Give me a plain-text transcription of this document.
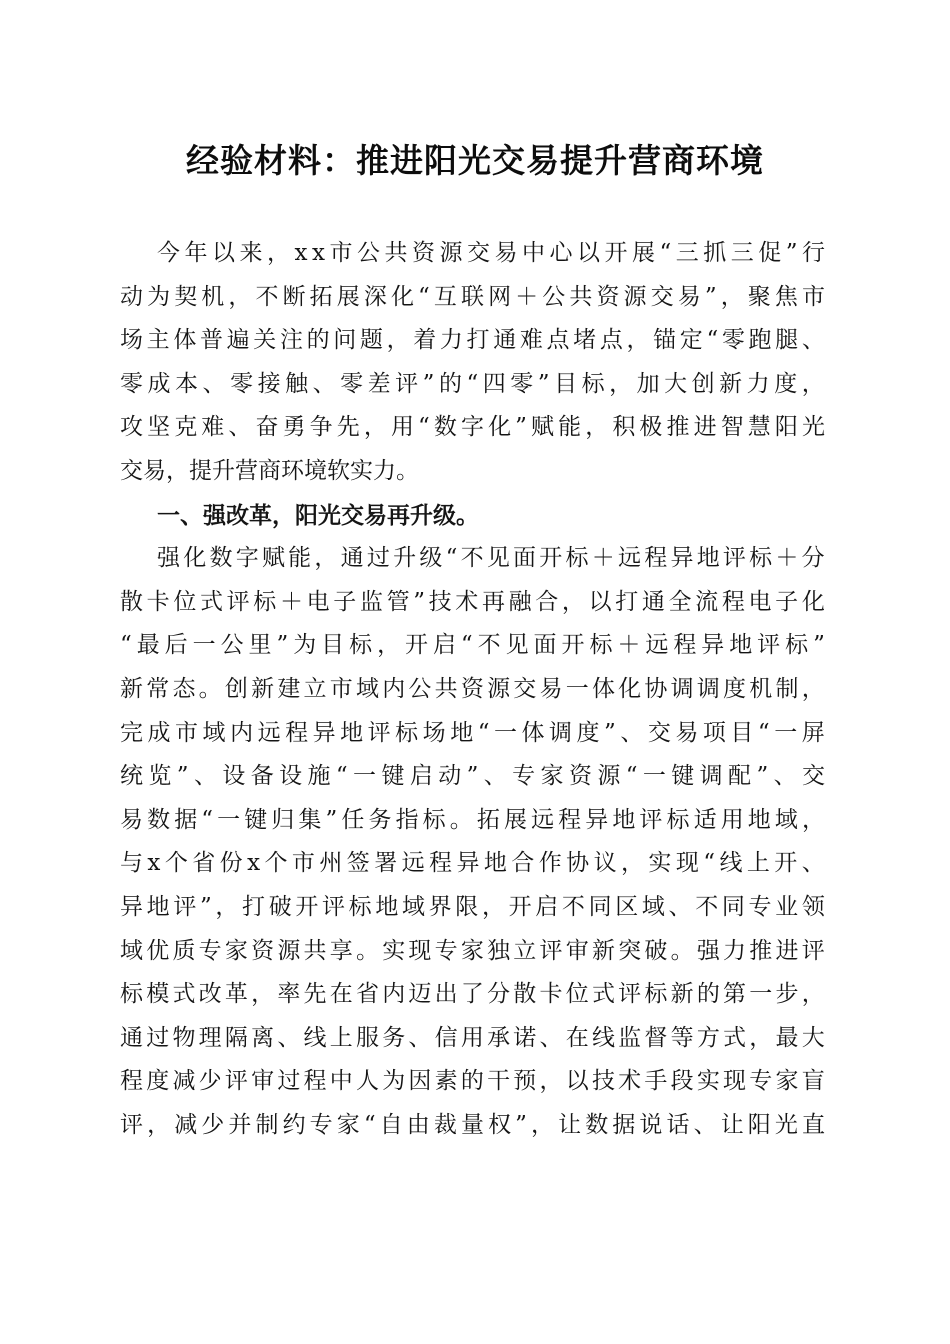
经验材料：推进阳光交易提升营商环境
今 年 以 来 ， x x 市 公 共 资 源 交 易 中 心 以 开 展 “ 三 抓 三 促 ” 行
动 为 契 机 ， 不 断 拓 展 深 化 “ 互 联 网 ＋ 公 共 资 源 交 易 ” ， 聚 焦 市
场 主 体 普 遍 关 注 的 问 题 ， 着 力 打 通 难 点 堵 点 ， 锚 定 “ 零 跑 腿 、
零 成 本 、 零 接 触 、 零 差 评 ” 的 “ 四 零 ” 目 标 ， 加 大 创 新 力 度 ，
攻 坚 克 难 、 奋 勇 争 先 ， 用 “ 数 字 化 ” 赋 能 ， 积 极 推 进 智 慧 阳 光
交 易 ， 提 升 营 商 环 境 软 实 力 。
一、强改革，阳光交易再升级。
强 化 数 字 赋 能 ， 通 过 升 级 “ 不 见 面 开 标 ＋ 远 程 异 地 评 标 ＋ 分
散 卡 位 式 评 标 ＋ 电 子 监 管 ” 技 术 再 融 合 ， 以 打 通 全 流 程 电 子 化
“ 最 后 一 公 里 ” 为 目 标 ， 开 启 “ 不 见 面 开 标 ＋ 远 程 异 地 评 标 ”
新 常 态 。 创 新 建 立 市 域 内 公 共 资 源 交 易 一 体 化 协 调 调 度 机 制 ，
完 成 市 域 内 远 程 异 地 评 标 场 地 “ 一 体 调 度 ” 、 交 易 项 目 “ 一 屏
统 览 ” 、 设 备 设 施 “ 一 键 启 动 ” 、 专 家 资 源 “ 一 键 调 配 ” 、 交
易 数 据 “ 一 键 归 集 ” 任 务 指 标 。 拓 展 远 程 异 地 评 标 适 用 地 域 ，
与 x 个 省 份 x 个 市 州 签 署 远 程 异 地 合 作 协 议 ， 实 现 “ 线 上 开 、
异 地 评 ” ， 打 破 开 评 标 地 域 界 限 ， 开 启 不 同 区 域 、 不 同 专 业 领
域 优 质 专 家 资 源 共 享 。 实 现 专 家 独 立 评 审 新 突 破 。 强 力 推 进 评
标 模 式 改 革 ， 率 先 在 省 内 迈 出 了 分 散 卡 位 式 评 标 新 的 第 一 步 ，
通 过 物 理 隔 离 、 线 上 服 务 、 信 用 承 诺 、 在 线 监 督 等 方 式 ， 最 大
程 度 减 少 评 审 过 程 中 人 为 因 素 的 干 预 ， 以 技 术 手 段 实 现 专 家 盲
评 ， 减 少 并 制 约 专 家 “ 自 由 裁 量 权 ” ， 让 数 据 说 话 、 让 阳 光 直
